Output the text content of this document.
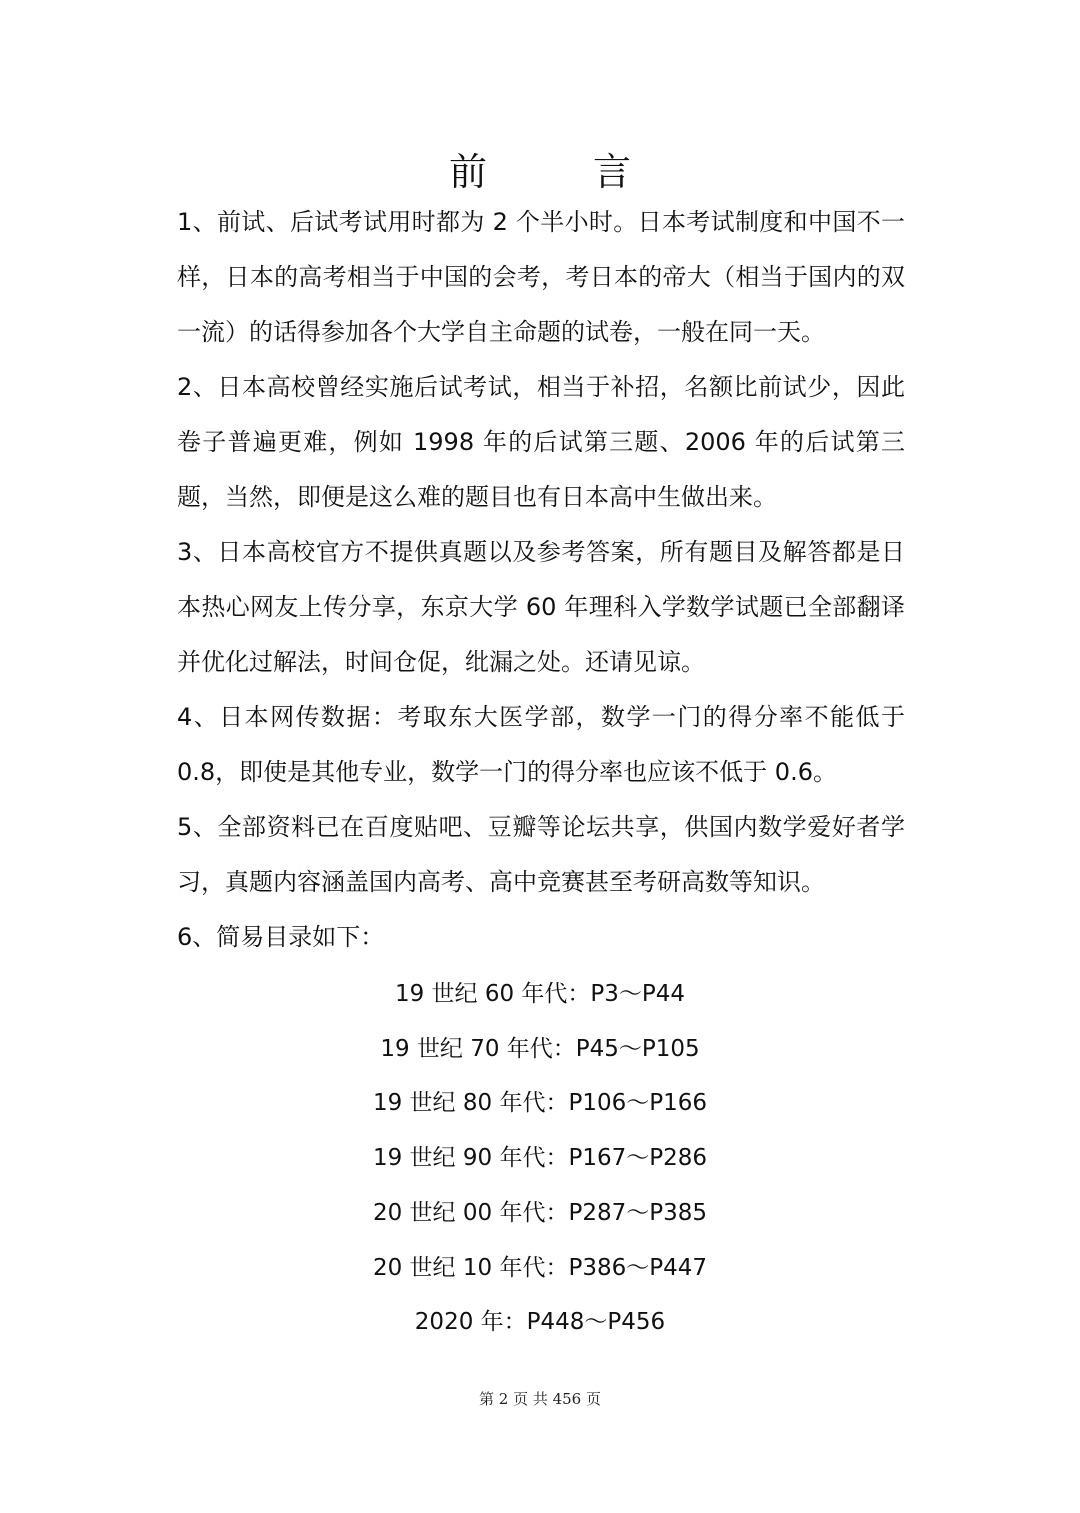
前　言

1、前试、后试考试用时都为 2 个半小时。日本考试制度和中国不一样，日本的高考相当于中国的会考，考日本的帝大（相当于国内的双一流）的话得参加各个大学自主命题的试卷，一般在同一天。

2、日本高校曾经实施后试考试，相当于补招，名额比前试少，因此卷子普遍更难，例如 1998 年的后试第三题、2006 年的后试第三题，当然，即便是这么难的题目也有日本高中生做出来。

3、日本高校官方不提供真题以及参考答案，所有题目及解答都是日本热心网友上传分享，东京大学 60 年理科入学数学试题已全部翻译并优化过解法，时间仓促，纰漏之处。还请见谅。

4、日本网传数据：考取东大医学部，数学一门的得分率不能低于 0.8，即使是其他专业，数学一门的得分率也应该不低于 0.6。

5、全部资料已在百度贴吧、豆瓣等论坛共享，供国内数学爱好者学习，真题内容涵盖国内高考、高中竞赛甚至考研高数等知识。

6、简易目录如下：

19 世纪 60 年代：P3～P44

19 世纪 70 年代：P45～P105

19 世纪 80 年代：P106～P166

19 世纪 90 年代：P167～P286

20 世纪 00 年代：P287～P385

20 世纪 10 年代：P386～P447

2020 年：P448～P456

第 2 页 共 456 页
